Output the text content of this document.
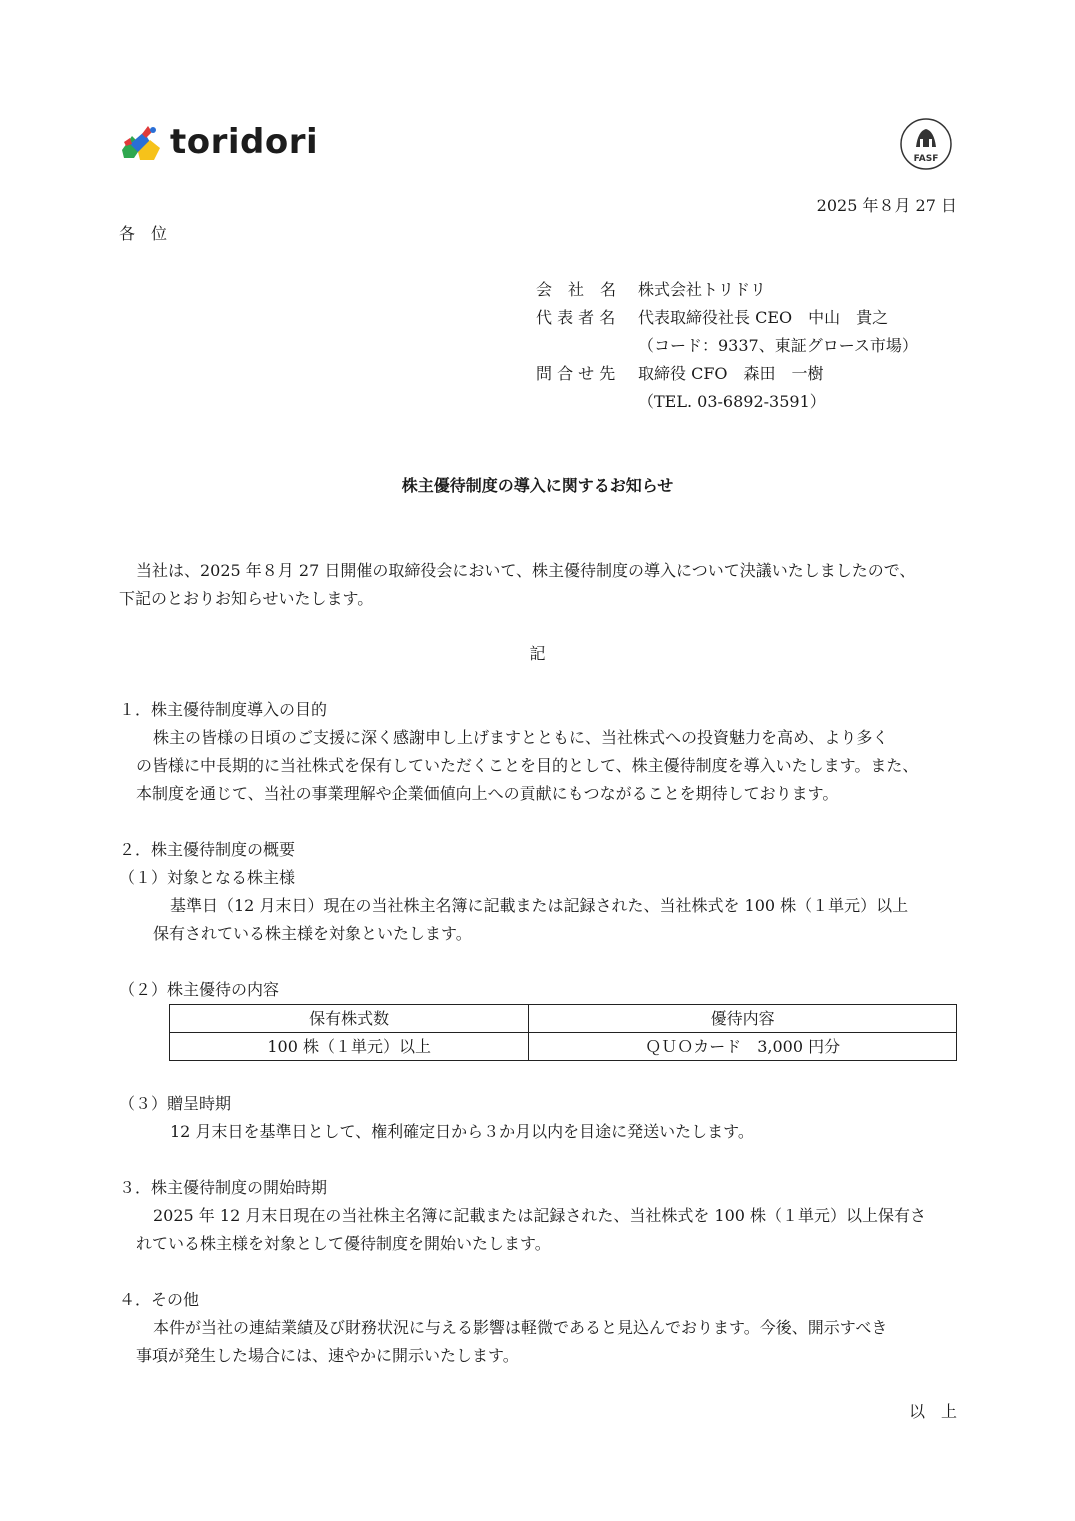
toridori	FASF
2025 年８月 27 日
各　位
会　社　名 株式会社トリドリ
代 表 者 名 代表取締役社長 CEO　中山　貴之
（コード：9337、東証グロース市場）
問 合 せ 先 取締役 CFO　森田　一樹
（TEL. 03-6892-3591）
株主優待制度の導入に関するお知らせ
当社は、2025 年８月 27 日開催の取締役会において、株主優待制度の導入について決議いたしましたので、
下記のとおりお知らせいたします。
記
１．株主優待制度導入の目的
株主の皆様の日頃のご支援に深く感謝申し上げますとともに、当社株式への投資魅力を高め、より多く
の皆様に中長期的に当社株式を保有していただくことを目的として、株主優待制度を導入いたします。また、
本制度を通じて、当社の事業理解や企業価値向上への貢献にもつながることを期待しております。
２．株主優待制度の概要
（１）対象となる株主様
基準日（12 月末日）現在の当社株主名簿に記載または記録された、当社株式を 100 株（１単元）以上
保有されている株主様を対象といたします。
（２）株主優待の内容
保有株式数	優待内容
100 株（１単元）以上	ＱＵＯカード　3,000 円分
（３）贈呈時期
12 月末日を基準日として、権利確定日から３か月以内を目途に発送いたします。
３．株主優待制度の開始時期
2025 年 12 月末日現在の当社株主名簿に記載または記録された、当社株式を 100 株（１単元）以上保有さ
れている株主様を対象として優待制度を開始いたします。
４．その他
本件が当社の連結業績及び財務状況に与える影響は軽微であると見込んでおります。今後、開示すべき
事項が発生した場合には、速やかに開示いたします。
以　上
